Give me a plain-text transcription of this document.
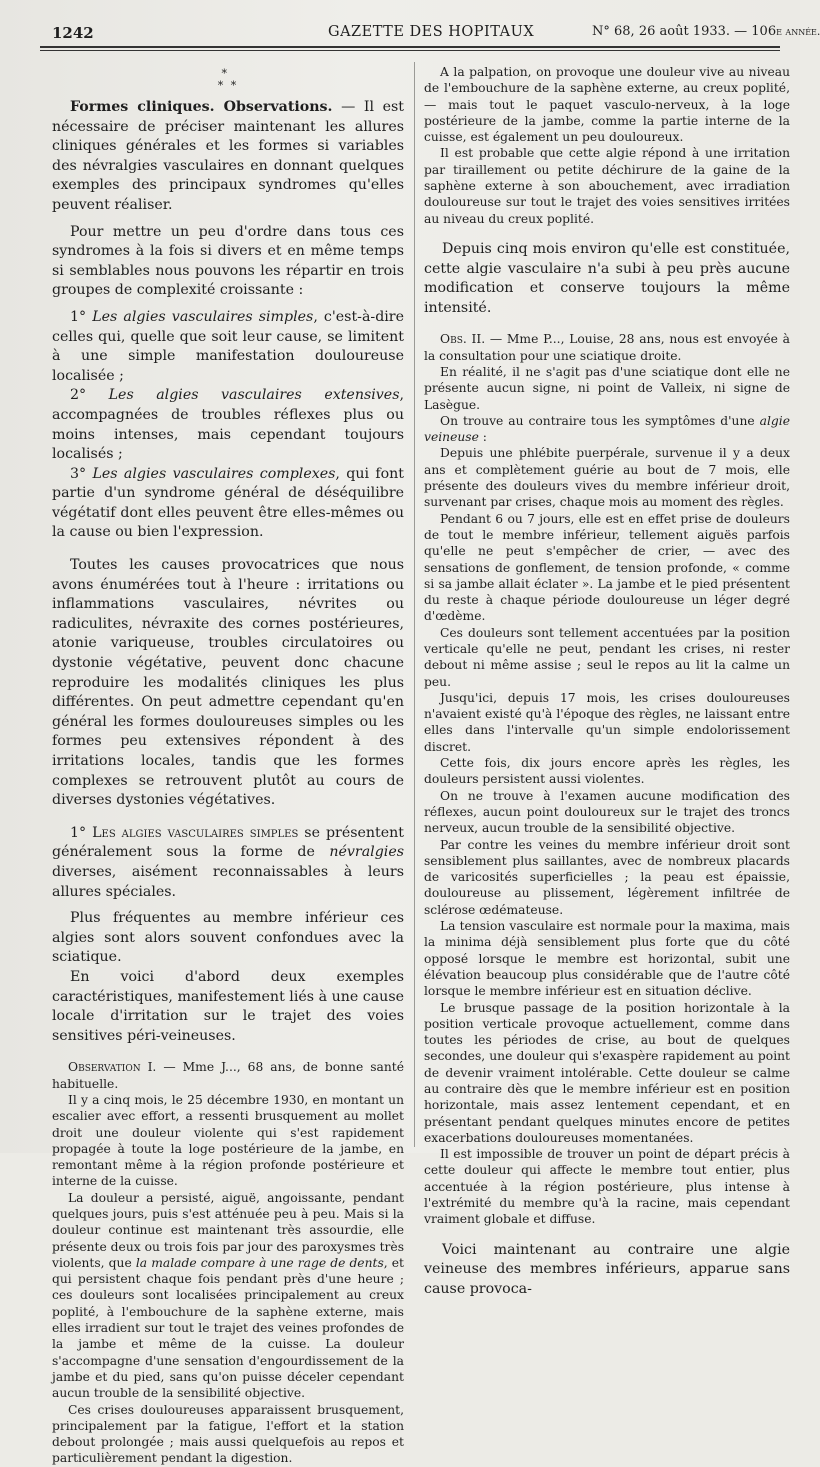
1242	GAZETTE DES HOPITAUX	N° 68, 26 août 1933. — 106e année.
*
* *

Formes cliniques. Observations. — Il est nécessaire de préciser maintenant les allures cliniques générales et les formes si variables des névralgies vasculaires en donnant quelques exemples des principaux syndromes qu'elles peuvent réaliser.

Pour mettre un peu d'ordre dans tous ces syndromes à la fois si divers et en même temps si semblables nous pouvons les répartir en trois groupes de complexité croissante :

1° Les algies vasculaires simples, c'est-à-dire celles qui, quelle que soit leur cause, se limitent à une simple manifestation douloureuse localisée ;

2° Les algies vasculaires extensives, accompagnées de troubles réflexes plus ou moins intenses, mais cependant toujours localisés ;

3° Les algies vasculaires complexes, qui font partie d'un syndrome général de déséquilibre végétatif dont elles peuvent être elles-mêmes ou la cause ou bien l'expression.

Toutes les causes provocatrices que nous avons énumérées tout à l'heure : irritations ou inflammations vasculaires, névrites ou radiculites, névraxite des cornes postérieures, atonie variqueuse, troubles circulatoires ou dystonie végétative, peuvent donc chacune reproduire les modalités cliniques les plus différentes. On peut admettre cependant qu'en général les formes douloureuses simples ou les formes peu extensives répondent à des irritations locales, tandis que les formes complexes se retrouvent plutôt au cours de diverses dystonies végétatives.

1° Les algies vasculaires simples se présentent généralement sous la forme de névralgies diverses, aisément reconnaissables à leurs allures spéciales.

Plus fréquentes au membre inférieur ces algies sont alors souvent confondues avec la sciatique.

En voici d'abord deux exemples caractéristiques, manifestement liés à une cause locale d'irritation sur le trajet des voies sensitives péri-veineuses.

Observation I. — Mme J..., 68 ans, de bonne santé habituelle.

Il y a cinq mois, le 25 décembre 1930, en montant un escalier avec effort, a ressenti brusquement au mollet droit une douleur violente qui s'est rapidement propagée à toute la loge postérieure de la jambe, en remontant même à la région profonde postérieure et interne de la cuisse.

La douleur a persisté, aiguë, angoissante, pendant quelques jours, puis s'est atténuée peu à peu. Mais si la douleur continue est maintenant très assourdie, elle présente deux ou trois fois par jour des paroxysmes très violents, que la malade compare à une rage de dents, et qui persistent chaque fois pendant près d'une heure ; ces douleurs sont localisées principalement au creux poplité, à l'embouchure de la saphène externe, mais elles irradient sur tout le trajet des veines profondes de la jambe et même de la cuisse. La douleur s'accompagne d'une sensation d'engourdissement de la jambe et du pied, sans qu'on puisse déceler cependant aucun trouble de la sensibilité objective.

Ces crises douloureuses apparaissent brusquement, principalement par la fatigue, l'effort et la station debout prolongée ; mais aussi quelquefois au repos et particulièrement pendant la digestion.

A la palpation, on provoque une douleur vive au niveau de l'embouchure de la saphène externe, au creux poplité, — mais tout le paquet vasculo-nerveux, à la loge postérieure de la jambe, comme la partie interne de la cuisse, est également un peu douloureux.

Il est probable que cette algie répond à une irritation par tiraillement ou petite déchirure de la gaine de la saphène externe à son abouchement, avec irradiation douloureuse sur tout le trajet des voies sensitives irritées au niveau du creux poplité.

Depuis cinq mois environ qu'elle est constituée, cette algie vasculaire n'a subi à peu près aucune modification et conserve toujours la même intensité.

Obs. II. — Mme P..., Louise, 28 ans, nous est envoyée à la consultation pour une sciatique droite.

En réalité, il ne s'agit pas d'une sciatique dont elle ne présente aucun signe, ni point de Valleix, ni signe de Lasègue.

On trouve au contraire tous les symptômes d'une algie veineuse :

Depuis une phlébite puerpérale, survenue il y a deux ans et complètement guérie au bout de 7 mois, elle présente des douleurs vives du membre inférieur droit, survenant par crises, chaque mois au moment des règles.

Pendant 6 ou 7 jours, elle est en effet prise de douleurs de tout le membre inférieur, tellement aiguës parfois qu'elle ne peut s'empêcher de crier, — avec des sensations de gonflement, de tension profonde, « comme si sa jambe allait éclater ». La jambe et le pied présentent du reste à chaque période douloureuse un léger degré d'œdème.

Ces douleurs sont tellement accentuées par la position verticale qu'elle ne peut, pendant les crises, ni rester debout ni même assise ; seul le repos au lit la calme un peu.

Jusqu'ici, depuis 17 mois, les crises douloureuses n'avaient existé qu'à l'époque des règles, ne laissant entre elles dans l'intervalle qu'un simple endolorissement discret.

Cette fois, dix jours encore après les règles, les douleurs persistent aussi violentes.

On ne trouve à l'examen aucune modification des réflexes, aucun point douloureux sur le trajet des troncs nerveux, aucun trouble de la sensibilité objective.

Par contre les veines du membre inférieur droit sont sensiblement plus saillantes, avec de nombreux placards de varicosités superficielles ; la peau est épaissie, douloureuse au plissement, légèrement infiltrée de sclérose œdémateuse.

La tension vasculaire est normale pour la maxima, mais la minima déjà sensiblement plus forte que du côté opposé lorsque le membre est horizontal, subit une élévation beaucoup plus considérable que de l'autre côté lorsque le membre inférieur est en situation déclive.

Le brusque passage de la position horizontale à la position verticale provoque actuellement, comme dans toutes les périodes de crise, au bout de quelques secondes, une douleur qui s'exaspère rapidement au point de devenir vraiment intolérable. Cette douleur se calme au contraire dès que le membre inférieur est en position horizontale, mais assez lentement cependant, et en présentant pendant quelques minutes encore de petites exacerbations douloureuses momentanées.

Il est impossible de trouver un point de départ précis à cette douleur qui affecte le membre tout entier, plus accentuée à la région postérieure, plus intense à l'extrémité du membre qu'à la racine, mais cependant vraiment globale et diffuse.

Voici maintenant au contraire une algie veineuse des membres inférieurs, apparue sans cause provoca-
